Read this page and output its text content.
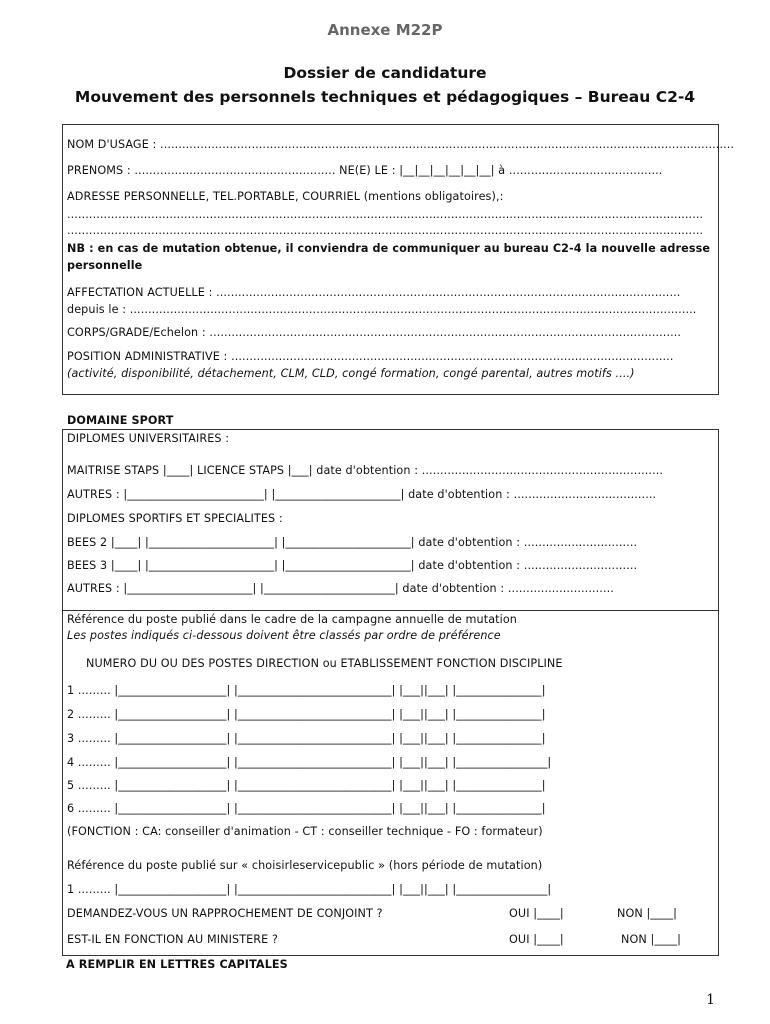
Annexe M22P
Dossier de candidature
Mouvement des personnels techniques et pédagogiques – Bureau C2-4
NOM D'USAGE : .............................................................................................................................................................
PRENOMS : ....................................................... NE(E) LE : |__|__|__|__|__|__| à ..........................................
ADRESSE PERSONNELLE, TEL.PORTABLE, COURRIEL (mentions obligatoires),:
..............................................................................................................................................................................
..............................................................................................................................................................................
NB : en cas de mutation obtenue, il conviendra de communiquer au bureau C2-4 la nouvelle adresse
personnelle
AFFECTATION ACTUELLE : ...............................................................................................................................
depuis le : ...........................................................................................................................................................
CORPS/GRADE/Echelon : .................................................................................................................................
POSITION ADMINISTRATIVE : .........................................................................................................................
(activité, disponibilité, détachement, CLM, CLD, congé formation, congé parental, autres motifs ....)
DOMAINE SPORT
DIPLOMES UNIVERSITAIRES :
MAITRISE STAPS |____| LICENCE STAPS |___| date d'obtention : ..................................................................
AUTRES : |________________________| |______________________| date d'obtention : .......................................
DIPLOMES SPORTIFS ET SPECIALITES :
BEES 2 |____| |______________________| |______________________| date d'obtention : ...............................
BEES 3 |____| |______________________| |______________________| date d'obtention : ...............................
AUTRES : |______________________| |_______________________| date d'obtention : .............................
Référence du poste publié dans le cadre de la campagne annuelle de mutation
Les postes indiqués ci-dessous doivent être classés par ordre de préférence
NUMERO DU OU DES POSTES DIRECTION ou ETABLISSEMENT FONCTION DISCIPLINE
1 ......... |___________________| |___________________________| |___||___| |_______________|
2 ......... |___________________| |___________________________| |___||___| |_______________|
3 ......... |___________________| |___________________________| |___||___| |_______________|
4 ......... |___________________| |___________________________| |___||___| |________________|
5 ......... |___________________| |___________________________| |___||___| |_______________|
6 ......... |___________________| |___________________________| |___||___| |_______________|
(FONCTION : CA: conseiller d'animation - CT : conseiller technique - FO : formateur)
Référence du poste publié sur « choisirleservicepublic » (hors période de mutation)
1 ......... |___________________| |___________________________| |___||___| |________________|
DEMANDEZ-VOUS UN RAPPROCHEMENT DE CONJOINT ?	OUI |____|	NON |____|
EST-IL EN FONCTION AU MINISTERE ?	OUI |____|	NON |____|
A REMPLIR EN LETTRES CAPITALES
1
